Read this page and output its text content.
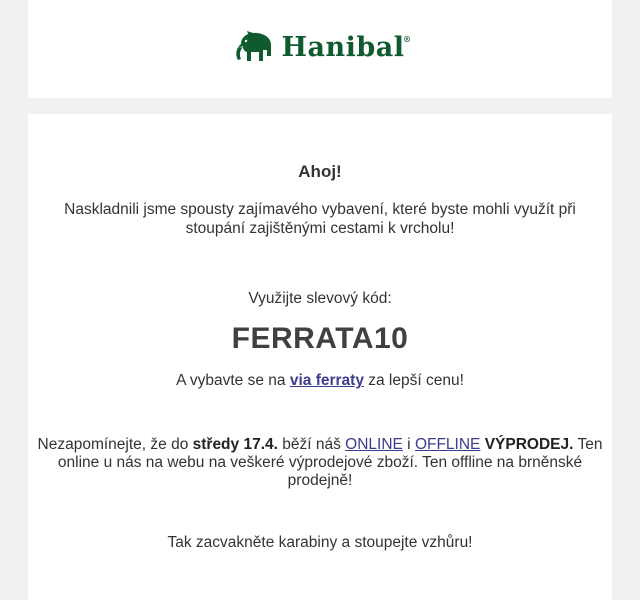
Hanibal
®
Ahoj!
Naskladnili jsme spousty zajímavého vybavení, které byste mohli využít při stoupání zajištěnými cestami k vrcholu!
Využijte slevový kód:
FERRATA10
A vybavte se na via ferraty za lepší cenu!
Nezapomínejte, že do středy 17.4. běží náš ONLINE i OFFLINE VÝPRODEJ. Ten online u nás na webu na veškeré výprodejové zboží. Ten offline na brněnské prodejně!
Tak zacvakněte karabiny a stoupejte vzhůru!
